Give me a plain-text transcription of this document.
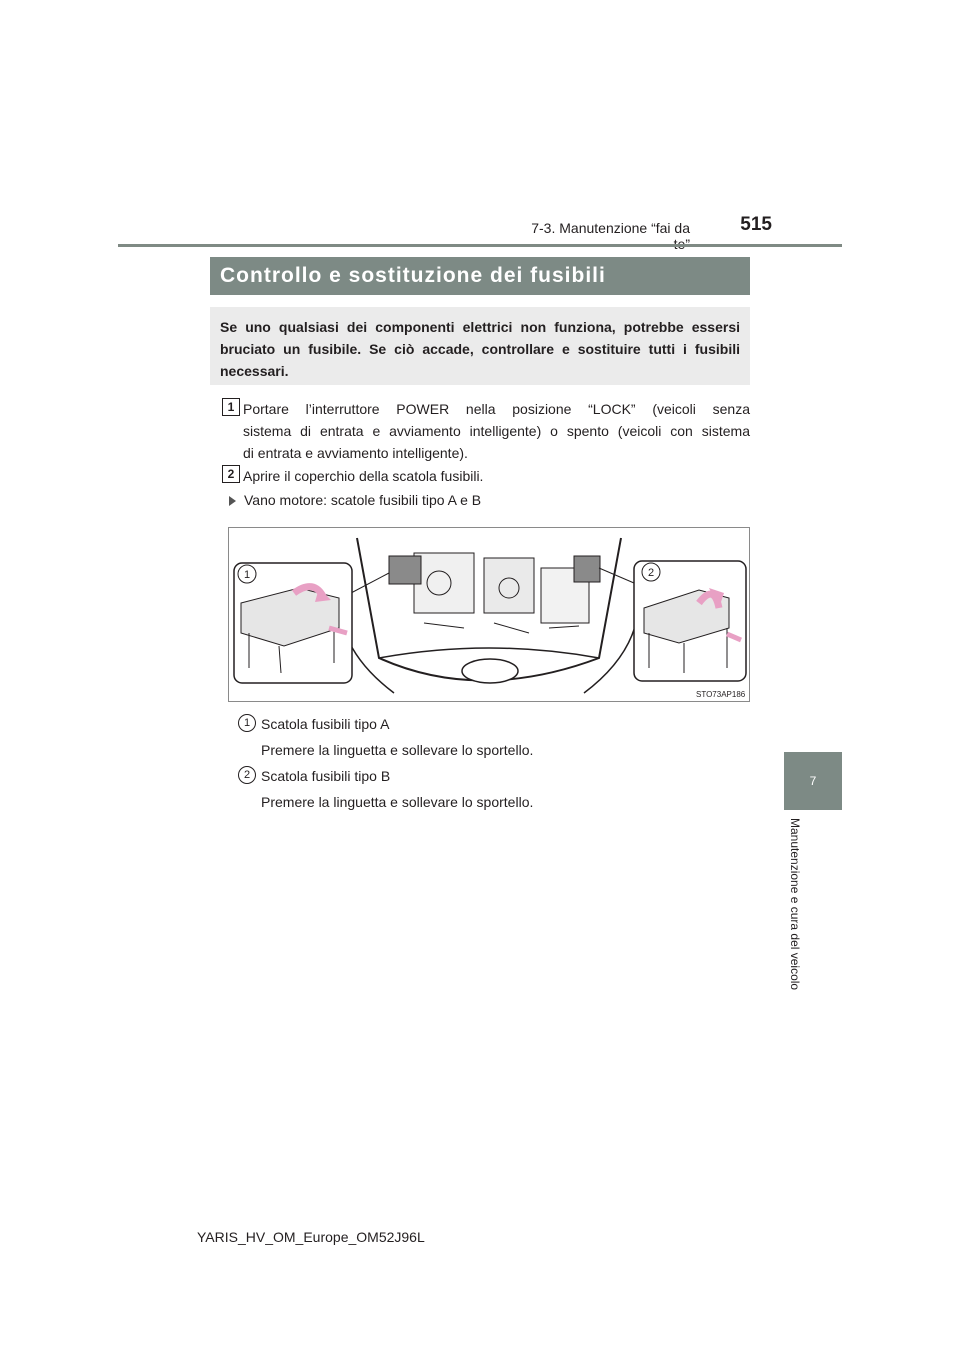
7-3. Manutenzione “fai da	515
7
Manutenzione e cura del veicolo
Controllo e sostituzione dei fusibili
Se uno qualsiasi dei componenti elettrici non funziona, potrebbe essersi bruciato un fusibile. Se ciò accade, controllare e sostituire tutti i fusibili necessari.
1 Portare l’interruttore POWER nella posizione “LOCK” (veicoli senza
sistema di entrata e avviamento intelligente) o spento (veicoli con sistema
di entrata e avviamento intelligente).
2 Aprire il coperchio della scatola fusibili.
Vano motore: scatole fusibili tipo A e B
1	2
STO73AP186
1 Scatola fusibili tipo A
Premere la linguetta e sollevare lo sportello.
2 Scatola fusibili tipo B
Premere la linguetta e sollevare lo sportello.
YARIS_HV_OM_Europe_OM52J96L
